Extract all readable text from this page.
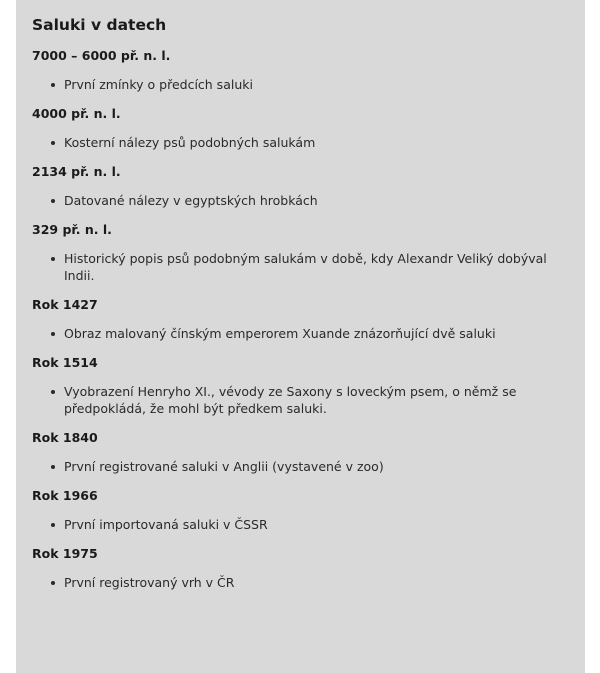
Saluki v datech
7000 – 6000 př. n. l.
První zmínky o předcích saluki
4000 př. n. l.
Kosterní nálezy psů podobných salukám
2134 př. n. l.
Datované nálezy v egyptských hrobkách
329 př. n. l.
Historický popis psů podobným salukám v době, kdy Alexandr Veliký dobýval Indii.
Rok 1427
Obraz malovaný čínským emperorem Xuande znázorňující dvě saluki
Rok 1514
Vyobrazení Henryho XI., vévody ze Saxony s loveckým psem, o němž se předpokládá, že mohl být předkem saluki.
Rok 1840
První registrované saluki v Anglii (vystavené v zoo)
Rok 1966
První importovaná saluki v ČSSR
Rok 1975
První registrovaný vrh v ČR
